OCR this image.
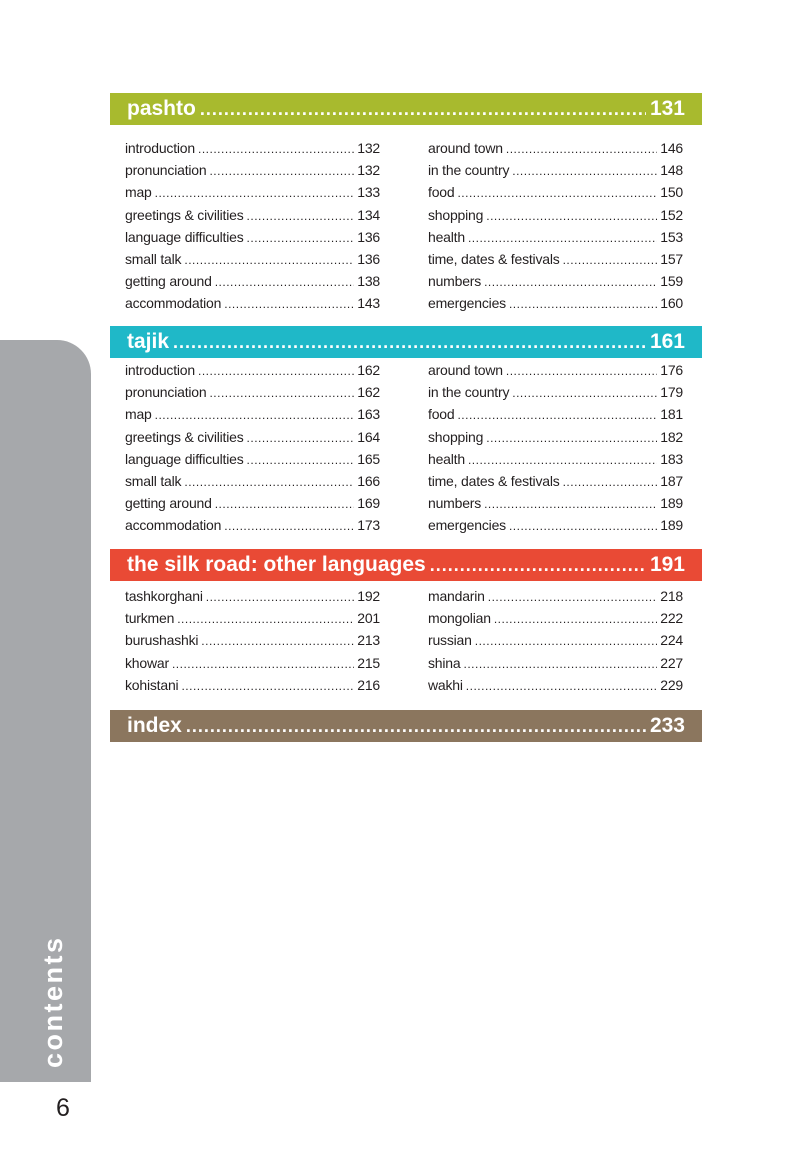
contents
6
pashto .....	131
introduction .....	132
pronunciation .....	132
map .....	133
greetings & civilities .....	134
language difficulties .....	136
small talk .....	136
getting around .....	138
accommodation .....	143
around town .....	146
in the country .....	148
food .....	150
shopping .....	152
health .....	153
time, dates & festivals .....	157
numbers .....	159
emergencies .....	160
tajik .....	161
introduction .....	162
pronunciation .....	162
map .....	163
greetings & civilities .....	164
language difficulties .....	165
small talk .....	166
getting around .....	169
accommodation .....	173
around town .....	176
in the country .....	179
food .....	181
shopping .....	182
health .....	183
time, dates & festivals .....	187
numbers .....	189
emergencies .....	189
the silk road: other languages .....	191
tashkorghani .....	192
turkmen .....	201
burushashki .....	213
khowar .....	215
kohistani .....	216
mandarin .....	218
mongolian .....	222
russian .....	224
shina .....	227
wakhi .....	229
index .....	233
